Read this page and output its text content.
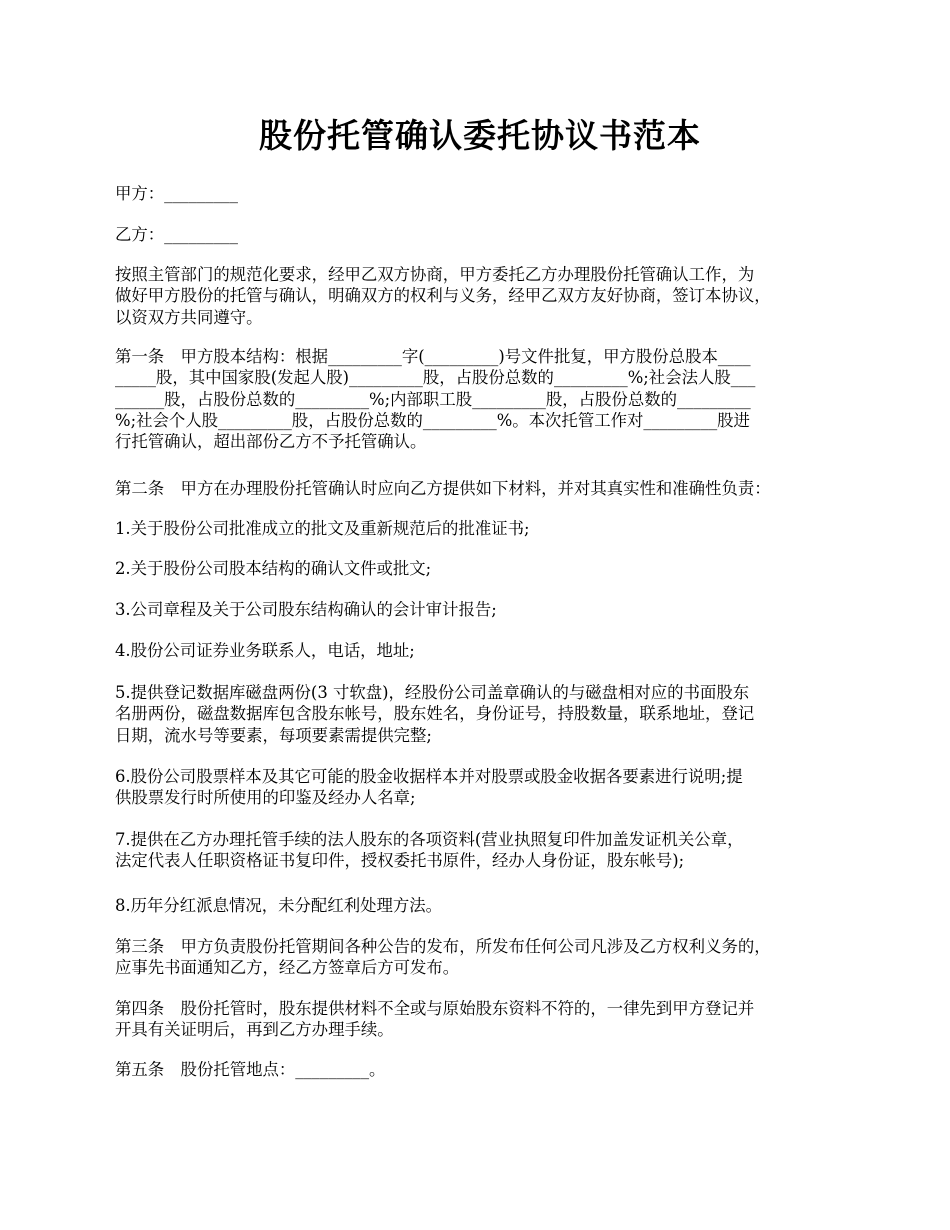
股份托管确认委托协议书范本

甲方：_________

乙方：_________

按照主管部门的规范化要求，经甲乙双方协商，甲方委托乙方办理股份托管确认工作，为
做好甲方股份的托管与确认，明确双方的权利与义务，经甲乙双方友好协商，签订本协议，
以资双方共同遵守。

第一条　甲方股本结构：根据_________字(_________)号文件批复，甲方股份总股本____
_____股，其中国家股(发起人股)_________股，占股份总数的_________%;社会法人股___
______股，占股份总数的_________%;内部职工股_________股，占股份总数的_________
%;社会个人股_________股，占股份总数的_________%。本次托管工作对_________股进
行托管确认，超出部份乙方不予托管确认。

第二条　甲方在办理股份托管确认时应向乙方提供如下材料，并对其真实性和准确性负责：

1.关于股份公司批准成立的批文及重新规范后的批准证书;

2.关于股份公司股本结构的确认文件或批文;

3.公司章程及关于公司股东结构确认的会计审计报告;

4.股份公司证券业务联系人，电话，地址;

5.提供登记数据库磁盘两份(3 寸软盘)，经股份公司盖章确认的与磁盘相对应的书面股东
名册两份，磁盘数据库包含股东帐号，股东姓名，身份证号，持股数量，联系地址，登记
日期，流水号等要素，每项要素需提供完整;

6.股份公司股票样本及其它可能的股金收据样本并对股票或股金收据各要素进行说明;提
供股票发行时所使用的印鉴及经办人名章;

7.提供在乙方办理托管手续的法人股东的各项资料(营业执照复印件加盖发证机关公章，
法定代表人任职资格证书复印件，授权委托书原件，经办人身份证，股东帐号);

8.历年分红派息情况，未分配红利处理方法。

第三条　甲方负责股份托管期间各种公告的发布，所发布任何公司凡涉及乙方权利义务的，
应事先书面通知乙方，经乙方签章后方可发布。

第四条　股份托管时，股东提供材料不全或与原始股东资料不符的，一律先到甲方登记并
开具有关证明后，再到乙方办理手续。

第五条　股份托管地点：_________。
